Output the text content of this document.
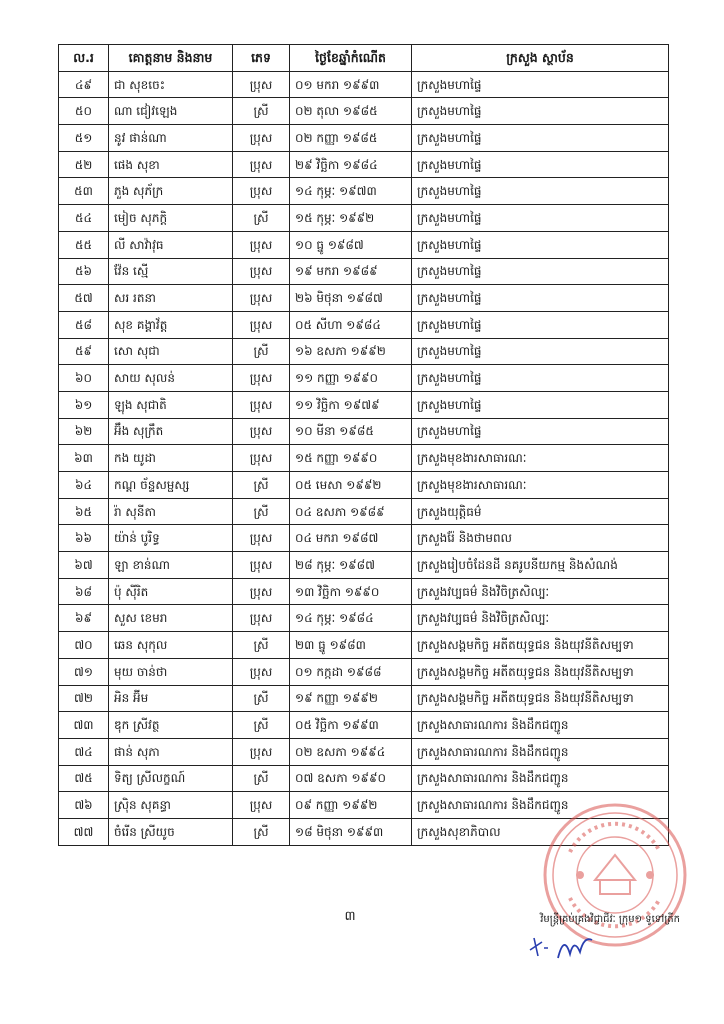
ល.រ	គោត្តនាម និងនាម	ភេទ	ថ្ងៃខែឆ្នាំកំណើត	ក្រសួង ស្ថាប័ន
៤៩	ជា សុខចេះ	ប្រុស	០១ មករា ១៩៩៣	ក្រសួងមហាផ្ទៃ
៥០	ណា ជៀវឡេង	ស្រី	០២ តុលា ១៩៨៥	ក្រសួងមហាផ្ទៃ
៥១	នូវ ផាន់ណា	ប្រុស	០២ កញ្ញា ១៩៨៥	ក្រសួងមហាផ្ទៃ
៥២	ផេង សុខា	ប្រុស	២៩ វិច្ឆិកា ១៩៨៤	ក្រសួងមហាផ្ទៃ
៥៣	ភួង សុភ័ក្រ	ប្រុស	១៤ កុម្ភៈ ១៩៧៣	ក្រសួងមហាផ្ទៃ
៥៤	មៀច សុភក្ដិ	ស្រី	១៥ កុម្ភៈ ១៩៩២	ក្រសួងមហាផ្ទៃ
៥៥	លី សាវ៉ាវុធ	ប្រុស	១០ ធ្នូ ១៩៨៧	ក្រសួងមហាផ្ទៃ
៥៦	វ៉ែន ស្មើ	ប្រុស	១៩ មករា ១៩៨៩	ក្រសួងមហាផ្ទៃ
៥៧	សរ រតនា	ប្រុស	២៦ មិថុនា ១៩៨៧	ក្រសួងមហាផ្ទៃ
៥៨	សុខ គង្គាវ័ត្ត	ប្រុស	០៥ សីហា ១៩៨៤	ក្រសួងមហាផ្ទៃ
៥៩	សោ សុជា	ស្រី	១៦ ឧសភា ១៩៩២	ក្រសួងមហាផ្ទៃ
៦០	សាយ សុលន់	ប្រុស	១១ កញ្ញា ១៩៩០	ក្រសួងមហាផ្ទៃ
៦១	ឡុង សុជាតិ	ប្រុស	១១ វិច្ឆិកា ១៩៧៩	ក្រសួងមហាផ្ទៃ
៦២	អ៊ឹង សុក្រឹត	ប្រុស	១០ មីនា ១៩៨៥	ក្រសួងមហាផ្ទៃ
៦៣	កង យូដា	ប្រុស	១៥ កញ្ញា ១៩៩០	ក្រសួងមុខងារសាធារណៈ
៦៤	កណ្ដ ច័ន្ទសម្ផស្ស	ស្រី	០៥ មេសា ១៩៩២	ក្រសួងមុខងារសាធារណៈ
៦៥	រ៉ា សុនីតា	ស្រី	០៤ ឧសភា ១៩៨៩	ក្រសួងយុត្តិធម៌
៦៦	យ៉ាន់ បូរិទ្ធ	ប្រុស	០៤ មករា ១៩៨៧	ក្រសួងរ៉ែ និងថាមពល
៦៧	ឡា ខាន់ណា	ប្រុស	២៨ កុម្ភៈ ១៩៨៧	ក្រសួងរៀបចំដែនដី នគរូបនីយកម្ម និងសំណង់
៦៨	ប៉ុ ស៊ីរិត	ប្រុស	១៣ វិច្ឆិកា ១៩៩០	ក្រសួងវប្បធម៌ និងវិចិត្រសិល្បៈ
៦៩	សួស ខេមរា	ប្រុស	១៤ កុម្ភៈ ១៩៨៤	ក្រសួងវប្បធម៌ និងវិចិត្រសិល្បៈ
៧០	ឆេន សុកុល	ស្រី	២៣ ធ្នូ ១៩៨៣	ក្រសួងសង្គមកិច្ច អតីតយុទ្ធជន និងយុវនីតិសម្បទា
៧១	មុយ ចាន់ថា	ប្រុស	០១ កក្កដា ១៩៨៨	ក្រសួងសង្គមកិច្ច អតីតយុទ្ធជន និងយុវនីតិសម្បទា
៧២	អិន អ៊ីម	ស្រី	១៩ កញ្ញា ១៩៩២	ក្រសួងសង្គមកិច្ច អតីតយុទ្ធជន និងយុវនីតិសម្បទា
៧៣	ឌុក ស្រីវត្ថ	ស្រី	០៥ វិច្ឆិកា ១៩៩៣	ក្រសួងសាធារណការ និងដឹកជញ្ជូន
៧៤	ផាន់ សុភា	ប្រុស	០២ ឧសភា ១៩៩៤	ក្រសួងសាធារណការ និងដឹកជញ្ជូន
៧៥	ទិត្យ ស្រីលក្ខណ៍	ស្រី	០៧ ឧសភា ១៩៩០	ក្រសួងសាធារណការ និងដឹកជញ្ជូន
៧៦	ស្រ៊ិន សុគន្ធា	ប្រុស	០៩ កញ្ញា ១៩៩២	ក្រសួងសាធារណការ និងដឹកជញ្ជូន
៧៧	ចំរើន ស្រីយូច	ស្រី	១៨ មិថុនា ១៩៩៣	ក្រសួងសុខាភិបាល
៣	វិមន្ត្រីគ្រប់គ្រងវិជ្ជាជីវៈ ក្រុម១ ទូទៅត្រីក
